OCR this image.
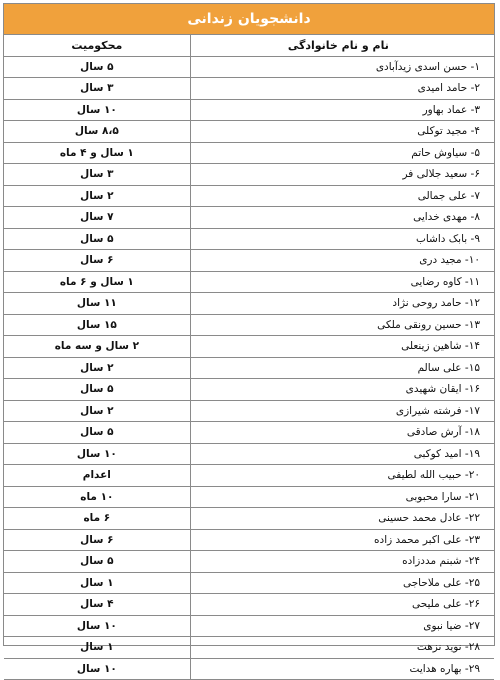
دانشجویان زندانی
نام و نام خانوادگی	محکومیت
۱- حسن اسدی زیدآبادی	۵ سال
۲- حامد امیدی	۳ سال
۳- عماد بهاور	۱۰ سال
۴- مجید توکلی	۸،۵ سال
۵- سیاوش حاتم	۱ سال و ۴ ماه
۶- سعید جلالی فر	۳ سال
۷- علی جمالی	۲ سال
۸- مهدی خدایی	۷ سال
۹- بابک داشاب	۵ سال
۱۰- مجید دری	۶ سال
۱۱- کاوه رضایی	۱ سال و ۶ ماه
۱۲- حامد روحی نژاد	۱۱ سال
۱۳- حسین رونقی ملکی	۱۵ سال
۱۴- شاهین زینعلی	۲ سال و سه ماه
۱۵- علی سالم	۲ سال
۱۶- ایقان شهیدی	۵ سال
۱۷- فرشته شیرازی	۲ سال
۱۸- آرش صادقی	۵ سال
۱۹- امید کوکبی	۱۰ سال
۲۰- حبیب الله لطیفی	اعدام
۲۱- سارا محبوبی	۱۰ ماه
۲۲- عادل محمد حسینی	۶ ماه
۲۳- علی اکبر محمد زاده	۶ سال
۲۴- شبنم مددزاده	۵ سال
۲۵- علی ملاحاجی	۱ سال
۲۶- علی ملیحی	۴ سال
۲۷- ضیا نبوی	۱۰ سال
۲۸- نوید نزهت	۱ سال
۲۹- بهاره هدایت	۱۰ سال
